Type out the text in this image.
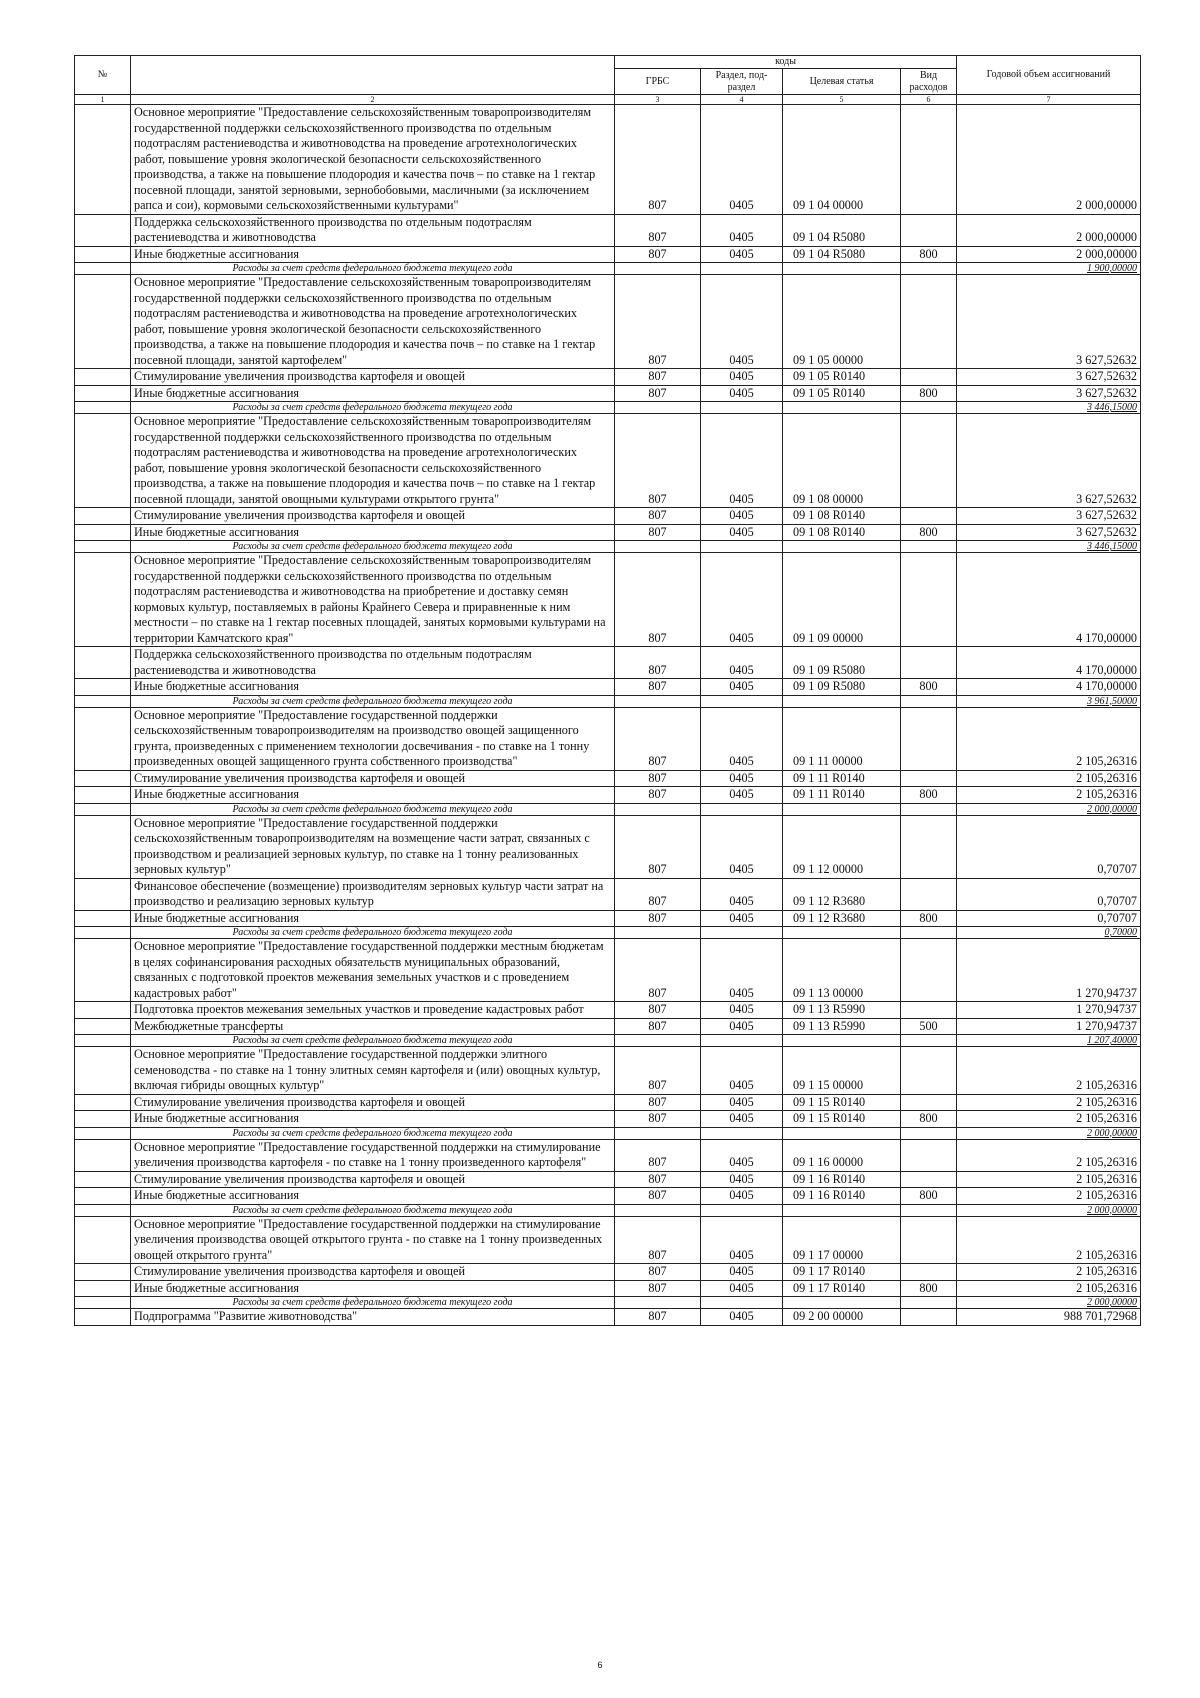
№		коды				Годовой объем ассигнований
		ГРБС	Раздел, под- раздел	Целевая статья	Вид расходов	
1	2	3	4	5	6	7
	Основное мероприятие "Предоставление сельскохозяйственным товаропроизводителям государственной поддержки сельскохозяйственного производства по отдельным подотраслям растениеводства и животноводства на проведение агротехнологических работ, повышение уровня экологической безопасности сельскохозяйственного производства, а также на повышение плодородия и качества почв – по ставке на 1 гектар посевной площади, занятой зерновыми, зернобобовыми, масличными (за исключением рапса и сои), кормовыми сельскохозяйственными культурами"	807	0405	09 1 04 00000		2 000,00000
	Поддержка сельскохозяйственного производства по отдельным подотраслям растениеводства и животноводства	807	0405	09 1 04 R5080		2 000,00000
	Иные бюджетные ассигнования	807	0405	09 1 04 R5080	800	2 000,00000
	Расходы за счет средств федерального бюджета текущего года					1 900,00000
	Основное мероприятие "Предоставление сельскохозяйственным товаропроизводителям государственной поддержки сельскохозяйственного производства по отдельным подотраслям растениеводства и животноводства на проведение агротехнологических работ, повышение уровня экологической безопасности сельскохозяйственного производства, а также на повышение плодородия и качества почв – по ставке на 1 гектар посевной площади, занятой картофелем"	807	0405	09 1 05 00000		3 627,52632
	Стимулирование увеличения производства картофеля и овощей	807	0405	09 1 05 R0140		3 627,52632
	Иные бюджетные ассигнования	807	0405	09 1 05 R0140	800	3 627,52632
	Расходы за счет средств федерального бюджета текущего года					3 446,15000
	Основное мероприятие "Предоставление сельскохозяйственным товаропроизводителям государственной поддержки сельскохозяйственного производства по отдельным подотраслям растениеводства и животноводства на проведение агротехнологических работ, повышение уровня экологической безопасности сельскохозяйственного производства, а также на повышение плодородия и качества почв – по ставке на 1 гектар посевной площади, занятой овощными культурами открытого грунта"	807	0405	09 1 08 00000		3 627,52632
	Стимулирование увеличения производства картофеля и овощей	807	0405	09 1 08 R0140		3 627,52632
	Иные бюджетные ассигнования	807	0405	09 1 08 R0140	800	3 627,52632
	Расходы за счет средств федерального бюджета текущего года					3 446,15000
	Основное мероприятие "Предоставление сельскохозяйственным товаропроизводителям государственной поддержки сельскохозяйственного производства по отдельным подотраслям растениеводства и животноводства на приобретение и доставку семян кормовых культур, поставляемых в районы Крайнего Севера и приравненные к ним местности – по ставке на 1 гектар посевных площадей, занятых кормовыми культурами на территории Камчатского края"	807	0405	09 1 09 00000		4 170,00000
	Поддержка сельскохозяйственного производства по отдельным подотраслям растениеводства и животноводства	807	0405	09 1 09 R5080		4 170,00000
	Иные бюджетные ассигнования	807	0405	09 1 09 R5080	800	4 170,00000
	Расходы за счет средств федерального бюджета текущего года					3 961,50000
	Основное мероприятие "Предоставление государственной поддержки сельскохозяйственным товаропроизводителям на производство овощей защищенного грунта, произведенных с применением технологии досвечивания - по ставке на 1 тонну произведенных овощей защищенного грунта собственного производства"	807	0405	09 1 11 00000		2 105,26316
	Стимулирование увеличения производства картофеля и овощей	807	0405	09 1 11 R0140		2 105,26316
	Иные бюджетные ассигнования	807	0405	09 1 11 R0140	800	2 105,26316
	Расходы за счет средств федерального бюджета текущего года					2 000,00000
	Основное мероприятие "Предоставление государственной поддержки сельскохозяйственным товаропроизводителям на возмещение части затрат, связанных с производством и реализацией зерновых культур, по ставке на 1 тонну реализованных зерновых культур"	807	0405	09 1 12 00000		0,70707
	Финансовое обеспечение (возмещение) производителям зерновых культур части затрат на производство и реализацию зерновых культур	807	0405	09 1 12 R3680		0,70707
	Иные бюджетные ассигнования	807	0405	09 1 12 R3680	800	0,70707
	Расходы за счет средств федерального бюджета текущего года					0,70000
	Основное мероприятие "Предоставление государственной поддержки местным бюджетам в целях софинансирования расходных обязательств муниципальных образований, связанных с подготовкой проектов межевания земельных участков и с проведением кадастровых работ"	807	0405	09 1 13 00000		1 270,94737
	Подготовка проектов межевания земельных участков и проведение кадастровых работ	807	0405	09 1 13 R5990		1 270,94737
	Межбюджетные трансферты	807	0405	09 1 13 R5990	500	1 270,94737
	Расходы за счет средств федерального бюджета текущего года					1 207,40000
	Основное мероприятие "Предоставление государственной поддержки элитного семеноводства - по ставке на 1 тонну элитных семян картофеля и (или) овощных культур, включая гибриды овощных культур"	807	0405	09 1 15 00000		2 105,26316
	Стимулирование увеличения производства картофеля и овощей	807	0405	09 1 15 R0140		2 105,26316
	Иные бюджетные ассигнования	807	0405	09 1 15 R0140	800	2 105,26316
	Расходы за счет средств федерального бюджета текущего года					2 000,00000
	Основное мероприятие "Предоставление государственной поддержки на стимулирование увеличения производства картофеля - по ставке на 1 тонну произведенного картофеля"	807	0405	09 1 16 00000		2 105,26316
	Стимулирование увеличения производства картофеля и овощей	807	0405	09 1 16 R0140		2 105,26316
	Иные бюджетные ассигнования	807	0405	09 1 16 R0140	800	2 105,26316
	Расходы за счет средств федерального бюджета текущего года					2 000,00000
	Основное мероприятие "Предоставление государственной поддержки на стимулирование увеличения производства овощей открытого грунта - по ставке на 1 тонну произведенных овощей открытого грунта"	807	0405	09 1 17 00000		2 105,26316
	Стимулирование увеличения производства картофеля и овощей	807	0405	09 1 17 R0140		2 105,26316
	Иные бюджетные ассигнования	807	0405	09 1 17 R0140	800	2 105,26316
	Расходы за счет средств федерального бюджета текущего года					2 000,00000
	Подпрограмма "Развитие животноводства"	807	0405	09 2 00 00000		988 701,72968
6
